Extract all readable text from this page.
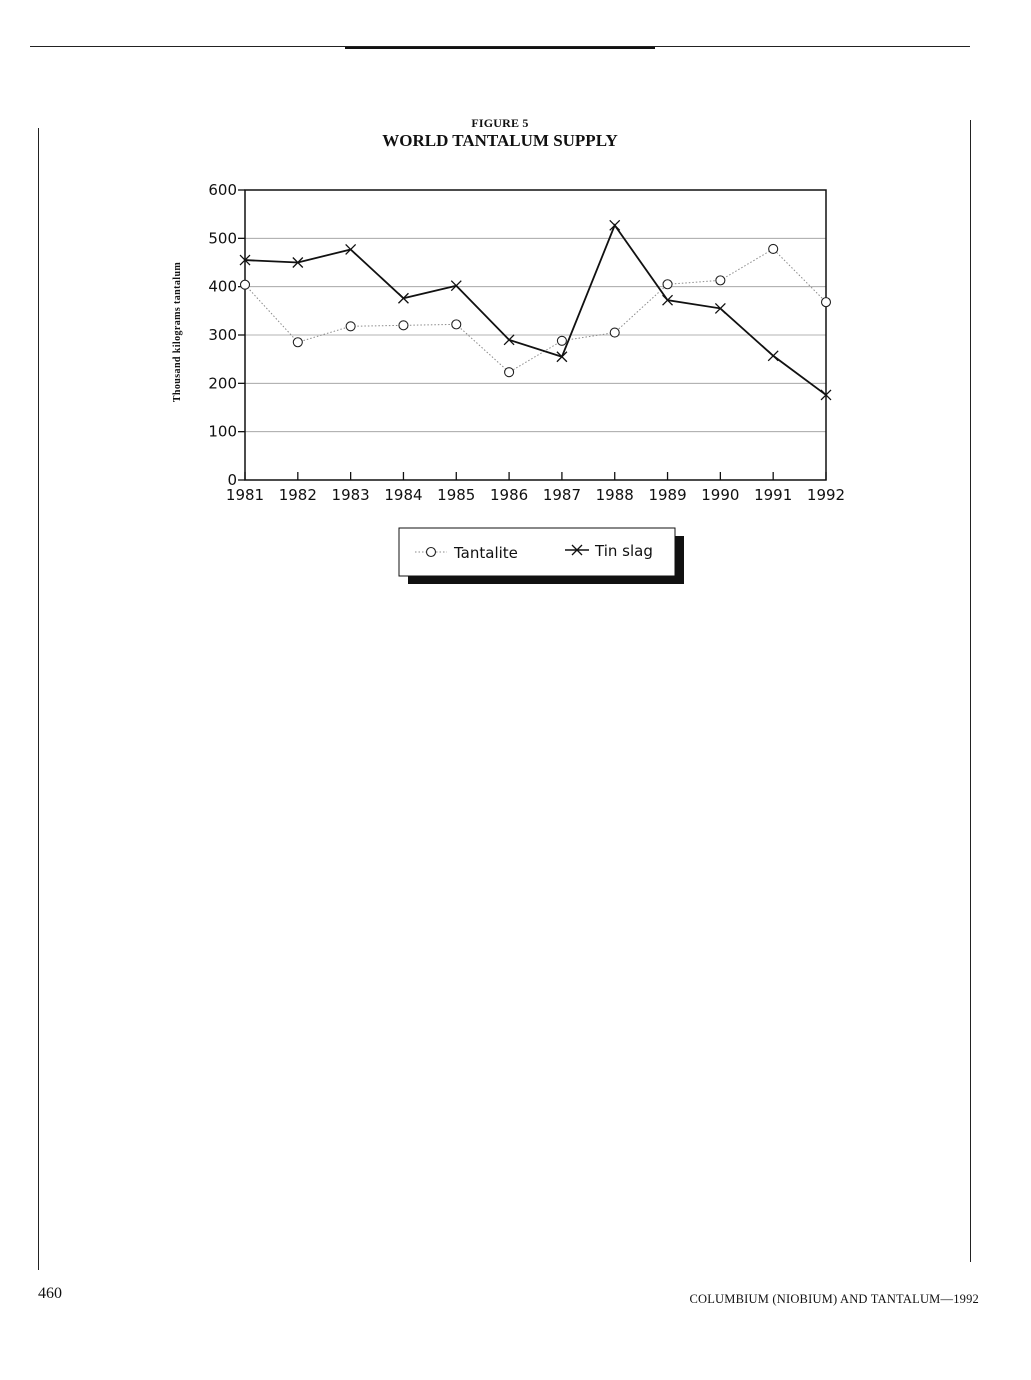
FIGURE 5
WORLD TANTALUM SUPPLY
0
100
200
300
400
500
600
1981 1982 1983 1984 1985 1986 1987 1988 1989 1990 1991 1992
Thousand kilograms tantalum
Tantalite	Tin slag
460	COLUMBIUM (NIOBIUM) AND TANTALUM—1992
